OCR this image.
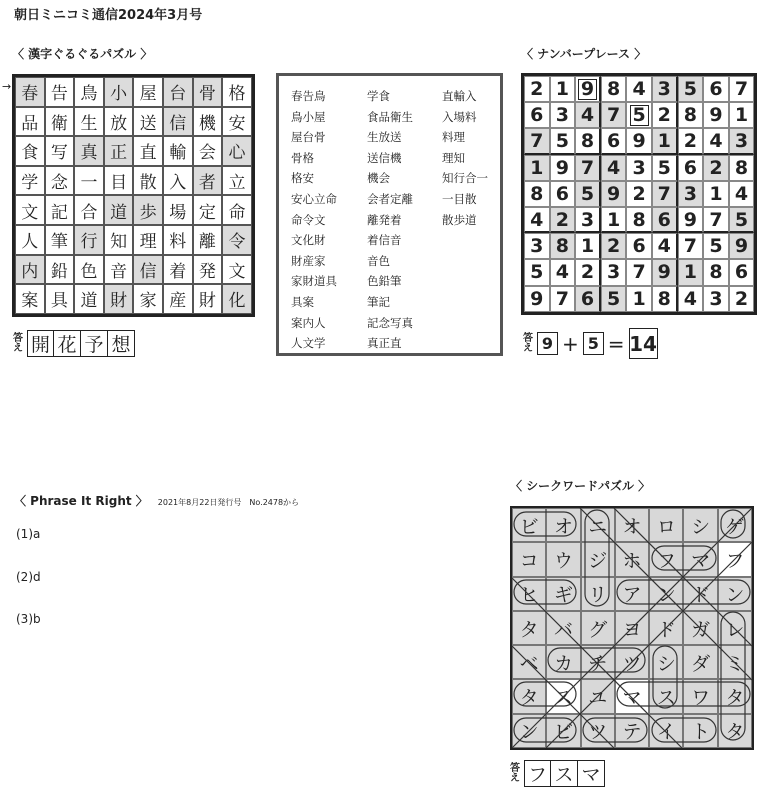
朝日ミニコミ通信2024年3月号
〈 漢字ぐるぐるパズル 〉
→ 春 告 鳥 小 屋 台 骨 格
品 衛 生 放 送 信 機 安
食 写 真 正 直 輸 会 心
学 念 一 目 散 入 者 立
文 記 合 道 歩 場 定 命
人 筆 行 知 理 料 離 令
内 鉛 色 音 信 着 発 文
案 具 道 財 家 産 財 化
答え 開 花 予 想
春告鳥
鳥小屋
屋台骨
骨格
格安
安心立命
命令文
文化財
財産家
家財道具
具案
案内人
人文学
学食
食品衛生
生放送
送信機
機会
会者定離
離発着
着信音
音色
色鉛筆
筆記
記念写真
真正直
直輸入
入場料
料理
理知
知行合一
一目散
散歩道
〈 ナンバープレース 〉
2 1 9 8 4 3 5 6 7
6 3 4 7 5 2 8 9 1
7 5 8 6 9 1 2 4 3
1 9 7 4 3 5 6 2 8
8 6 5 9 2 7 3 1 4
4 2 3 1 8 6 9 7 5
3 8 1 2 6 4 7 5 9
5 4 2 3 7 9 1 8 6
9 7 6 5 1 8 4 3 2
答え 9 + 5 = 14
〈 Phrase It Right 〉 2021年8月22日発行号　No.2478から
(1)a
(2)d
(3)b
〈 シークワードパズル 〉
ビ オ ニ オ ロ シ ゲ
コ ウ ジ ホ フ マ フ
ヒ ギ リ ア ン ド ン
タ バ グ ヨ ド ガ レ
ベ カ チ ツ シ ダ ミ
タ ス ユ マ ス ワ タ
ン ビ ツ テ イ ト タ
答え フ ス マ
